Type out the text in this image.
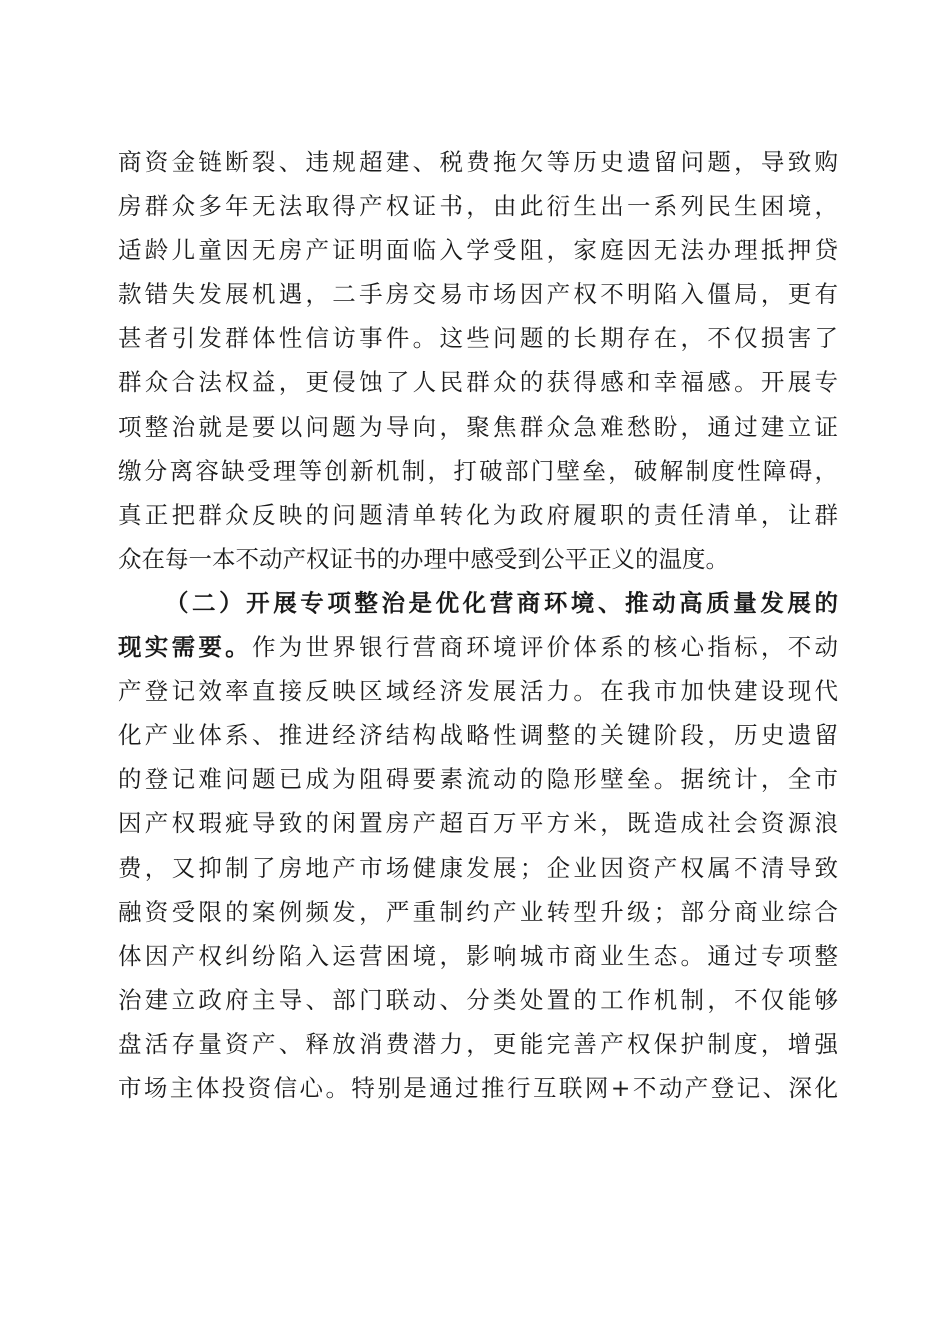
商资金链断裂、违规超建、税费拖欠等历史遗留问题，导致购
房群众多年无法取得产权证书，由此衍生出一系列民生困境，
适龄儿童因无房产证明面临入学受阻，家庭因无法办理抵押贷
款错失发展机遇，二手房交易市场因产权不明陷入僵局，更有
甚者引发群体性信访事件。这些问题的长期存在，不仅损害了
群众合法权益，更侵蚀了人民群众的获得感和幸福感。开展专
项整治就是要以问题为导向，聚焦群众急难愁盼，通过建立证
缴分离容缺受理等创新机制，打破部门壁垒，破解制度性障碍，
真正把群众反映的问题清单转化为政府履职的责任清单，让群
众在每一本不动产权证书的办理中感受到公平正义的温度。
（二）开展专项整治是优化营商环境、推动高质量发展的
现实需要。作为世界银行营商环境评价体系的核心指标，不动
产登记效率直接反映区域经济发展活力。在我市加快建设现代
化产业体系、推进经济结构战略性调整的关键阶段，历史遗留
的登记难问题已成为阻碍要素流动的隐形壁垒。据统计，全市
因产权瑕疵导致的闲置房产超百万平方米，既造成社会资源浪
费，又抑制了房地产市场健康发展；企业因资产权属不清导致
融资受限的案例频发，严重制约产业转型升级；部分商业综合
体因产权纠纷陷入运营困境，影响城市商业生态。通过专项整
治建立政府主导、部门联动、分类处置的工作机制，不仅能够
盘活存量资产、释放消费潜力，更能完善产权保护制度，增强
市场主体投资信心。特别是通过推行互联网+不动产登记、深化
